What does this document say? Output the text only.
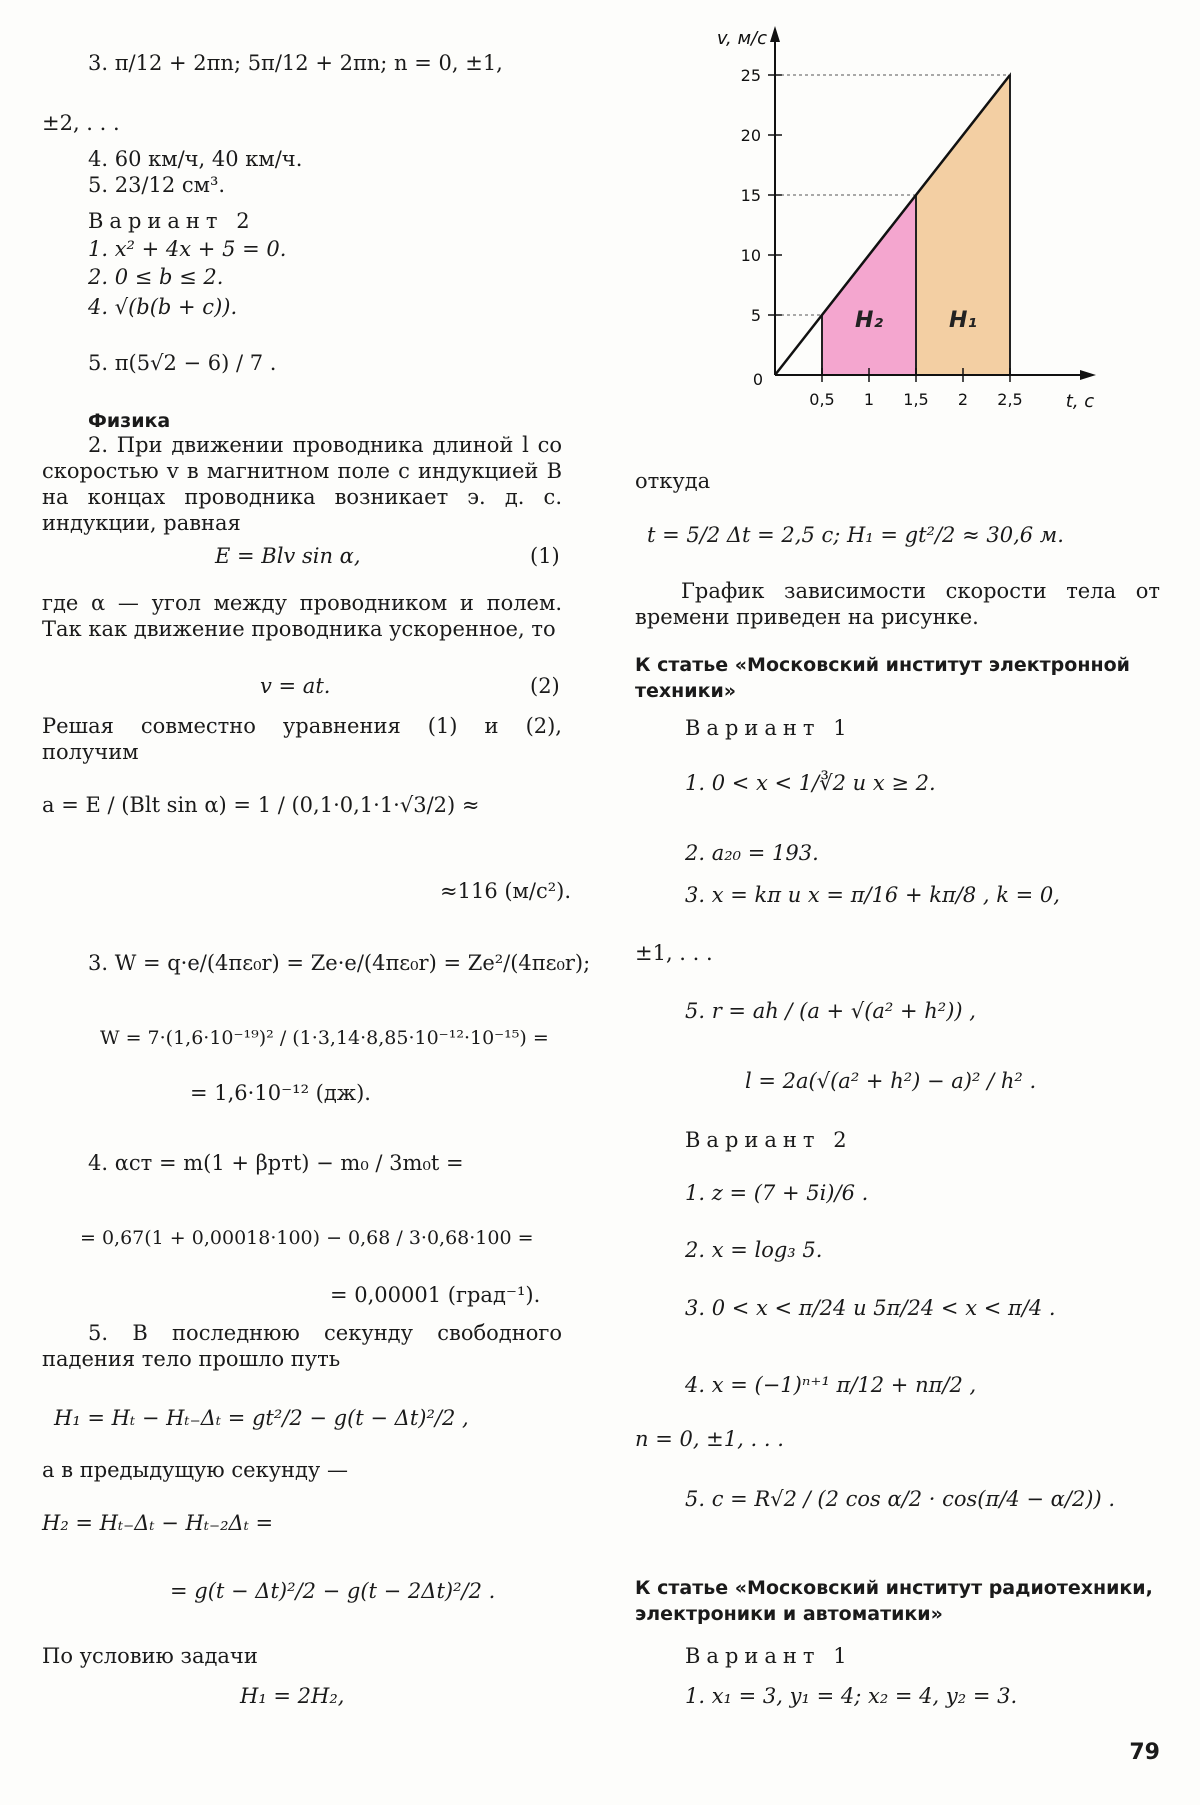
3. π/12 + 2πn; 5π/12 + 2πn; n = 0, ±1,
±2, . . .
4. 60 км/ч, 40 км/ч.
5. 23/12 см³.
Вариант 2
1. x² + 4x + 5 = 0.
2. 0 ≤ b ≤ 2.
4. √(b(b + c)).
5. π(5√2 − 6) / 7 .
Физика
2. При движении проводника длиной l со скоростью v в магнитном поле с индукцией B на концах проводника возникает э. д. с. индукции, равная
E = Blv sin α,	(1)
где α — угол между проводником и полем. Так как движение проводника ускоренное, то
v = at.	(2)
Решая совместно уравнения (1) и (2), получим
a = E / (Blt sin α) = 1 / (0,1·0,1·1·√3/2) ≈
≈116 (м/с²).
3. W = q·e/(4πε₀r) = Ze·e/(4πε₀r) = Ze²/(4πε₀r);
W = 7·(1,6·10⁻¹⁹)² / (1·3,14·8,85·10⁻¹²·10⁻¹⁵) =
= 1,6·10⁻¹² (дж).
4. αст = m(1 + βртt) − m₀ / 3m₀t =
= 0,67(1 + 0,00018·100) − 0,68 / 3·0,68·100 =
= 0,00001 (град⁻¹).
5. В последнюю секунду свободного падения тело прошло путь
H₁ = Hₜ − Hₜ₋Δₜ = gt²/2 − g(t − Δt)²/2 ,
а в предыдущую секунду —
H₂ = Hₜ₋Δₜ − Hₜ₋₂Δₜ =
= g(t − Δt)²/2 − g(t − 2Δt)²/2 .
По условию задачи
H₁ = 2H₂,
H₂	H₁
5
10
15
20
25
0,5 1 1,5 2 2,5
0
v, м/с
t, с
откуда
t = 5/2 Δt = 2,5 с; H₁ = gt²/2 ≈ 30,6 м.
График зависимости скорости тела от времени приведен на рисунке.
К статье «Московский институт электронной техники»
Вариант 1
1. 0 < x < 1/∛2 и x ≥ 2.
2. a₂₀ = 193.
3. x = kπ и x = π/16 + kπ/8 , k = 0,
±1, . . .
5. r = ah / (a + √(a² + h²)) ,
l = 2a(√(a² + h²) − a)² / h² .
Вариант 2
1. z = (7 + 5i)/6 .
2. x = log₃ 5.
3. 0 < x < π/24 и 5π/24 < x < π/4 .
4. x = (−1)ⁿ⁺¹ π/12 + nπ/2 ,
n = 0, ±1, . . .
5. c = R√2 / (2 cos α/2 · cos(π/4 − α/2)) .
К статье «Московский институт радиотехники, электроники и автоматики»
Вариант 1
1. x₁ = 3, y₁ = 4; x₂ = 4, y₂ = 3.
79
